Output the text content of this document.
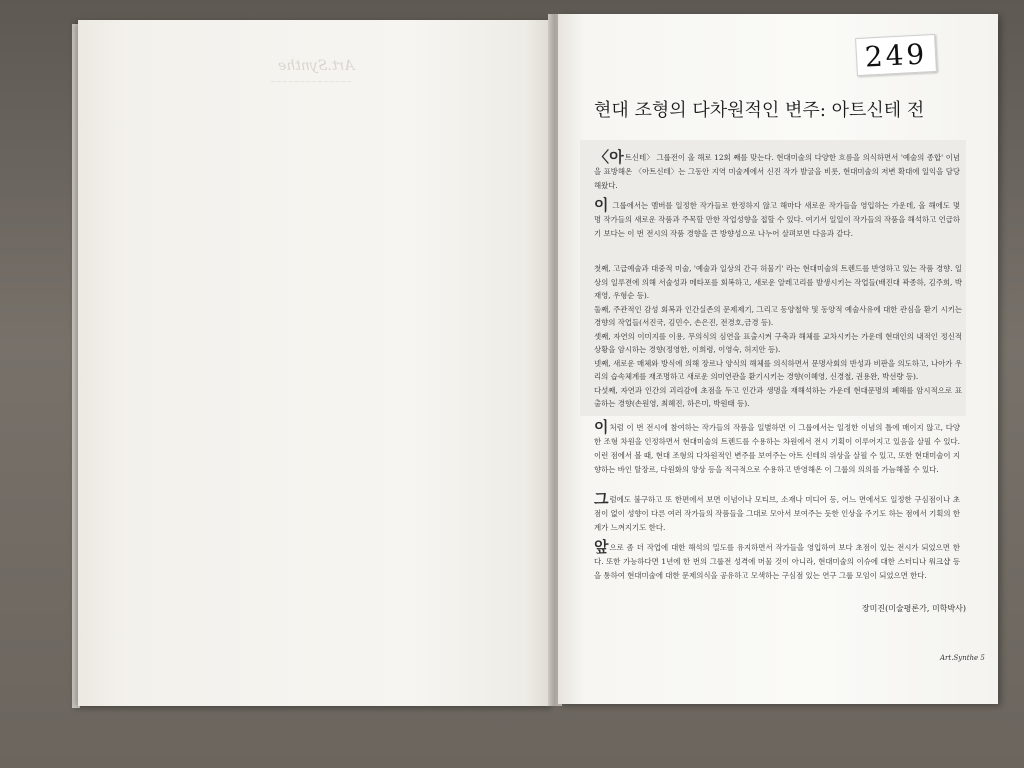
Art.Synthe
~~~~~~~~~~~~~~
249
현대 조형의 다차원적인 변주: 아트신테 전
〈아트신테〉 그룹전이 올 해로 12회 째를 맞는다. 현대미술의 다양한 흐름을 의식하면서 '예술의 종합' 이념을 표방해온 〈아트신테〉는 그동안 지역 미술계에서 신진 작가 발굴을 비롯, 현대미술의 저변 확대에 일익을 담당해왔다.
이 그룹에서는 멤버를 일정한 작가들로 한정하지 않고 해마다 새로운 작가들을 영입하는 가운데, 올 해에도 몇 명 작가들의 새로운 작품과 주목할 만한 작업성향을 접할 수 있다. 여기서 일일이 작가들의 작품을 해석하고 언급하기 보다는 이 번 전시의 작품 경향을 큰 방향성으로 나누어 살펴보면 다음과 같다.
첫째, 고급예술과 대중적 미술, '예술과 일상의 간극 허물기' 라는 현대미술의 트렌드를 반영하고 있는 작품 경향. 일상의 일루젼에 의해 서술성과 메타포를 회복하고, 새로운 알레고리를 발생시키는 작업들(배진대 곽종하, 김주희, 박재영, 우형순 등).
둘째, 주관적인 감성 회복과 인간실존의 문제제기, 그리고 동양철학 및 동양적 예술사유에 대한 관심을 환기 시키는 경향의 작업들(서진국, 김민수, 손은진, 전경호,금경 등).
셋째, 자연의 이미지를 이용, 무의식의 심연을 표출시켜 구축과 해체를 교차시키는 가운데 현대인의 내적인 정신적 상황을 암시하는 경향(정영한, 이희령, 이영숙, 허지안 등).
넷째, 새로운 매체와 방식에 의해 장르나 양식의 해체를 의식하면서 문명사회의 반성과 비판을 의도하고, 나아가 우리의 습속체계를 재조명하고 새로운 의미연관을 환기시키는 경향(이혜영, 신경철, 권용완, 박선량 등).
다섯째, 자연과 인간의 괴리감에 초점을 두고 인간과 생명을 재해석하는 가운데 현대문명의 폐해를 암시적으로 표출하는 경향(손원영, 최혜진, 하은미, 박원태 등).
이처럼 이 번 전시에 참여하는 작가들의 작품을 일별하면 이 그룹에서는 일정한 이념의 틀에 매이지 않고, 다양한 조형 차원을 인정하면서 현대미술의 트렌드를 수용하는 차원에서 전시 기획이 이루어지고 있음을 살필 수 있다. 이런 점에서 볼 때, 현대 조형의 다차원적인 변주를 보여주는 아트 신테의 위상을 살필 수 있고, 또한 현대미술이 지향하는 바인 탈장르, 다원화의 양상 등을 적극적으로 수용하고 반영해온 이 그룹의 의의를 가늠해볼 수 있다.
그럼에도 불구하고 또 한편에서 보면 이념이나 모티브, 소재나 미디어 등, 어느 면에서도 일정한 구심점이나 초점이 없이 성향이 다른 여러 작가들의 작품들을 그대로 모아서 보여주는 듯한 인상을 주기도 하는 점에서 기획의 한계가 느껴지기도 한다.
앞으로 좀 더 작업에 대한 해석의 밀도를 유지하면서 작가들을 영입하여 보다 초점이 있는 전시가 되었으면 한다. 또한 가능하다면 1년에 한 번의 그룹전 성격에 머물 것이 아니라, 현대미술의 이슈에 대한 스터디나 워크샵 등을 통하여 현대미술에 대한 문제의식을 공유하고 모색하는 구심점 있는 연구 그룹 모임이 되었으면 한다.
장미진(미술평론가, 미학박사)
Art.Synthe 5
